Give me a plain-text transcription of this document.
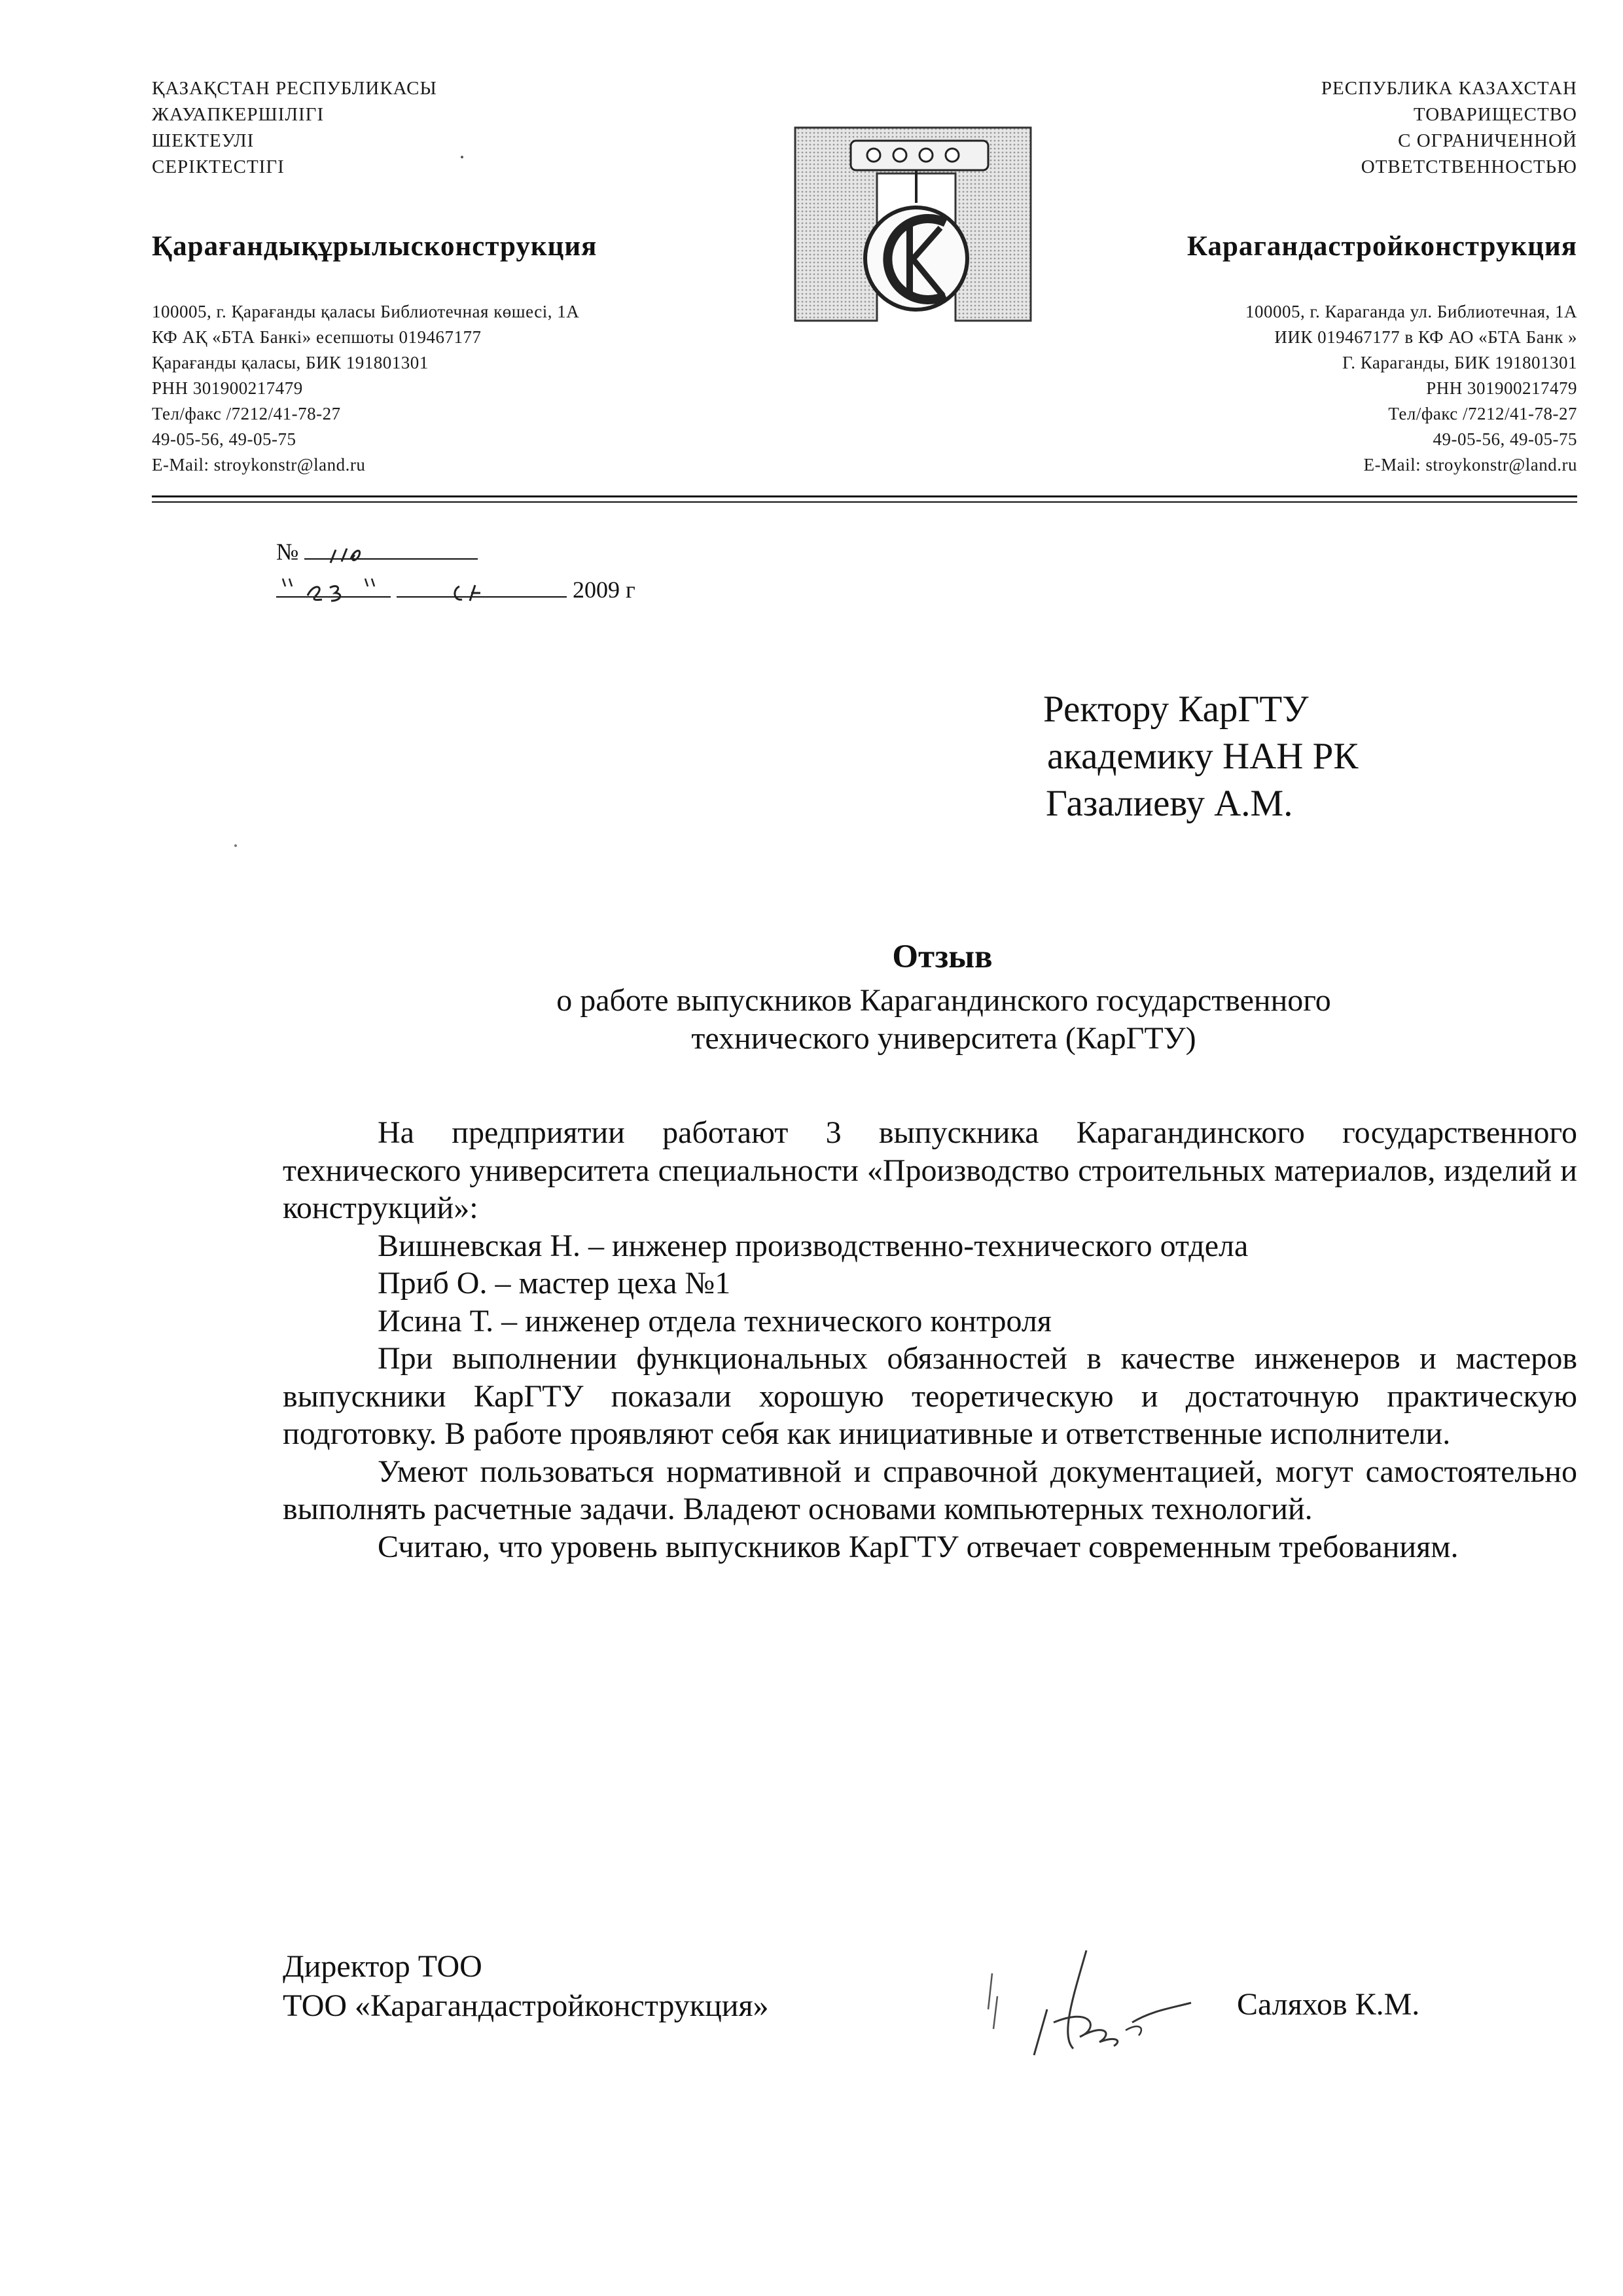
ҚАЗАҚСТАН РЕСПУБЛИКАСЫ
ЖАУАПКЕРШІЛІГІ
ШЕКТЕУЛІ
СЕРІКТЕСТІГІ
РЕСПУБЛИКА КАЗАХСТАН
ТОВАРИЩЕСТВО
С ОГРАНИЧЕННОЙ
ОТВЕТСТВЕННОСТЬЮ
Қарағандықұрылысконструкция	Карагандастройконструкция
100005, г. Қарағанды қаласы Библиотечная көшесі, 1А
КФ АҚ «БТА Банкі» есепшоты 019467177
Қарағанды қаласы, БИК 191801301
РНН 301900217479
Тел/факс /7212/41-78-27
49-05-56, 49-05-75
E-Mail: stroykonstr@land.ru
100005, г. Караганда ул. Библиотечная, 1А
ИИК 019467177 в КФ АО «БТА Банк »
Г. Караганды, БИК 191801301
РНН 301900217479
Тел/факс /7212/41-78-27
49-05-56, 49-05-75
E-Mail: stroykonstr@land.ru
№
2009 г
Ректору КарГТУ
академику НАН РК
Газалиеву А.М.
Отзыв
о работе выпускников Карагандинского государственного
технического университета (КарГТУ)

На предприятии работают 3 выпускника Карагандинского государственного технического университета специальности «Производство строительных материалов, изделий и конструкций»:

Вишневская Н. – инженер производственно-технического отдела

Приб О. – мастер цеха №1

Исина Т. – инженер отдела технического контроля

При выполнении функциональных обязанностей в качестве инженеров и мастеров выпускники КарГТУ показали хорошую теоретическую и достаточную практическую подготовку. В работе проявляют себя как инициативные и ответственные исполнители.

Умеют пользоваться нормативной и справочной документацией, могут самостоятельно выполнять расчетные задачи. Владеют основами компьютерных технологий.

Считаю, что уровень выпускников КарГТУ отвечает современным требованиям.

Директор ТОО
ТОО «Карагандастройконструкция»	Саляхов К.М.
